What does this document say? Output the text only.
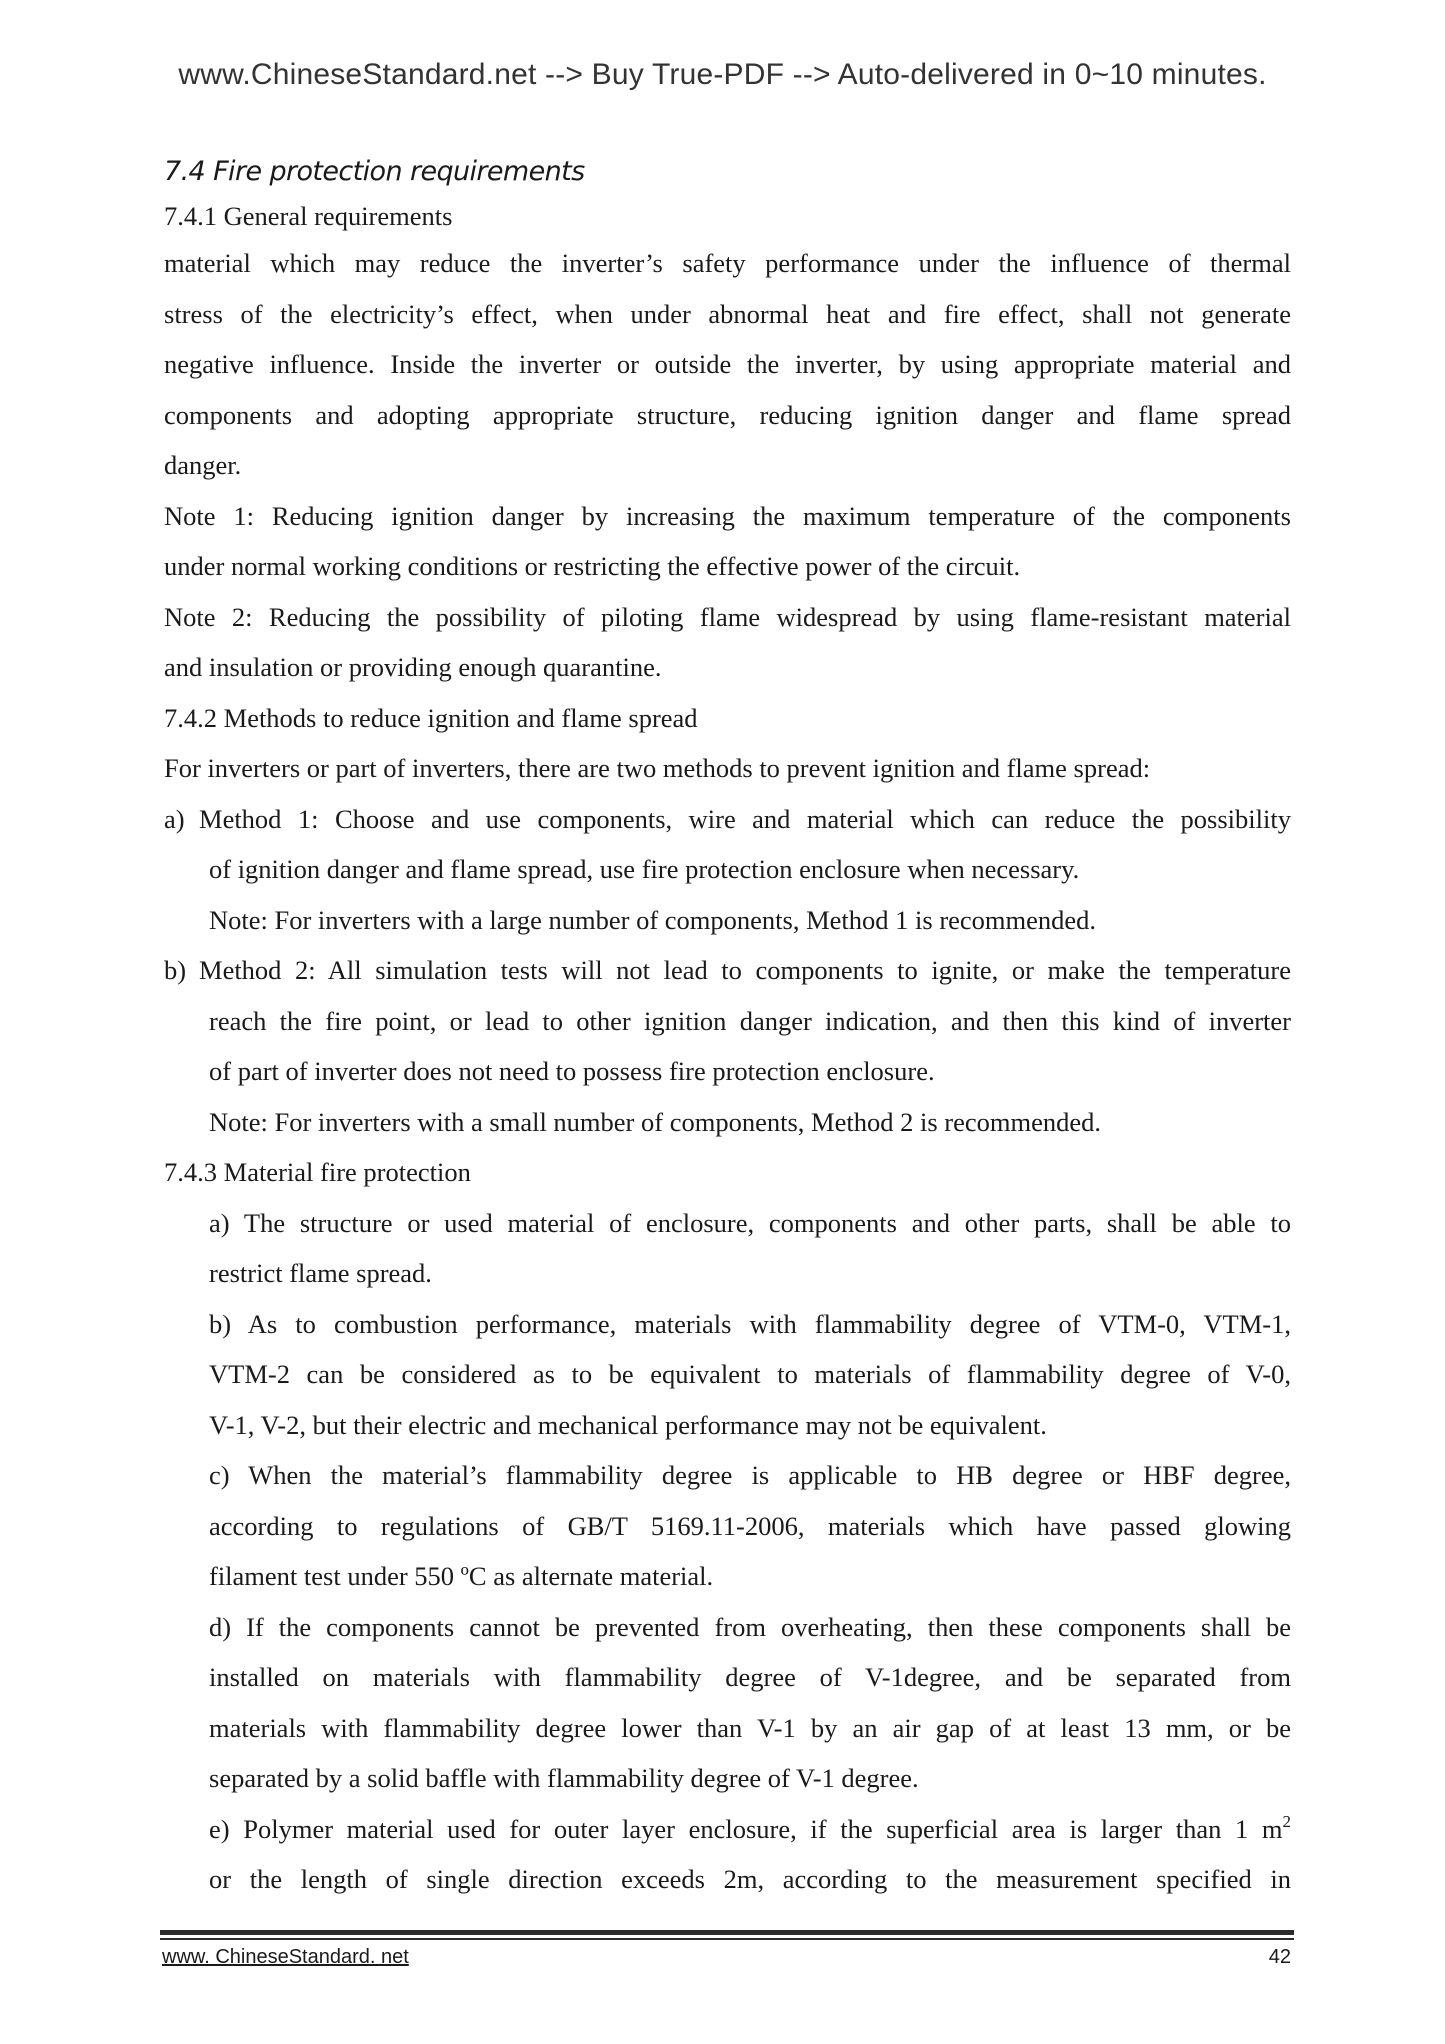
www.ChineseStandard.net --> Buy True-PDF --> Auto-delivered in 0~10 minutes.
7.4 Fire protection requirements
7.4.1 General requirements
material which may reduce the inverter’s safety performance under the influence of thermal
stress of the electricity’s effect, when under abnormal heat and fire effect, shall not generate
negative influence. Inside the inverter or outside the inverter, by using appropriate material and
components and adopting appropriate structure, reducing ignition danger and flame spread
danger.
Note 1: Reducing ignition danger by increasing the maximum temperature of the components
under normal working conditions or restricting the effective power of the circuit.
Note 2: Reducing the possibility of piloting flame widespread by using flame-resistant material
and insulation or providing enough quarantine.
7.4.2 Methods to reduce ignition and flame spread
For inverters or part of inverters, there are two methods to prevent ignition and flame spread:
a) Method 1: Choose and use components, wire and material which can reduce the possibility
of ignition danger and flame spread, use fire protection enclosure when necessary.
Note: For inverters with a large number of components, Method 1 is recommended.
b) Method 2: All simulation tests will not lead to components to ignite, or make the temperature
reach the fire point, or lead to other ignition danger indication, and then this kind of inverter
of part of inverter does not need to possess fire protection enclosure.
Note: For inverters with a small number of components, Method 2 is recommended.
7.4.3 Material fire protection
a) The structure or used material of enclosure, components and other parts, shall be able to
restrict flame spread.
b) As to combustion performance, materials with flammability degree of VTM-0, VTM-1,
VTM-2 can be considered as to be equivalent to materials of flammability degree of V-0,
V-1, V-2, but their electric and mechanical performance may not be equivalent.
c) When the material’s flammability degree is applicable to HB degree or HBF degree,
according to regulations of GB/T 5169.11-2006, materials which have passed glowing
filament test under 550 ºC as alternate material.
d) If the components cannot be prevented from overheating, then these components shall be
installed on materials with flammability degree of V-1degree, and be separated from
materials with flammability degree lower than V-1 by an air gap of at least 13 mm, or be
separated by a solid baffle with flammability degree of V-1 degree.
e) Polymer material used for outer layer enclosure, if the superficial area is larger than 1 $m^2$
or the length of single direction exceeds 2m, according to the measurement specified in
www. ChineseStandard. net	42
